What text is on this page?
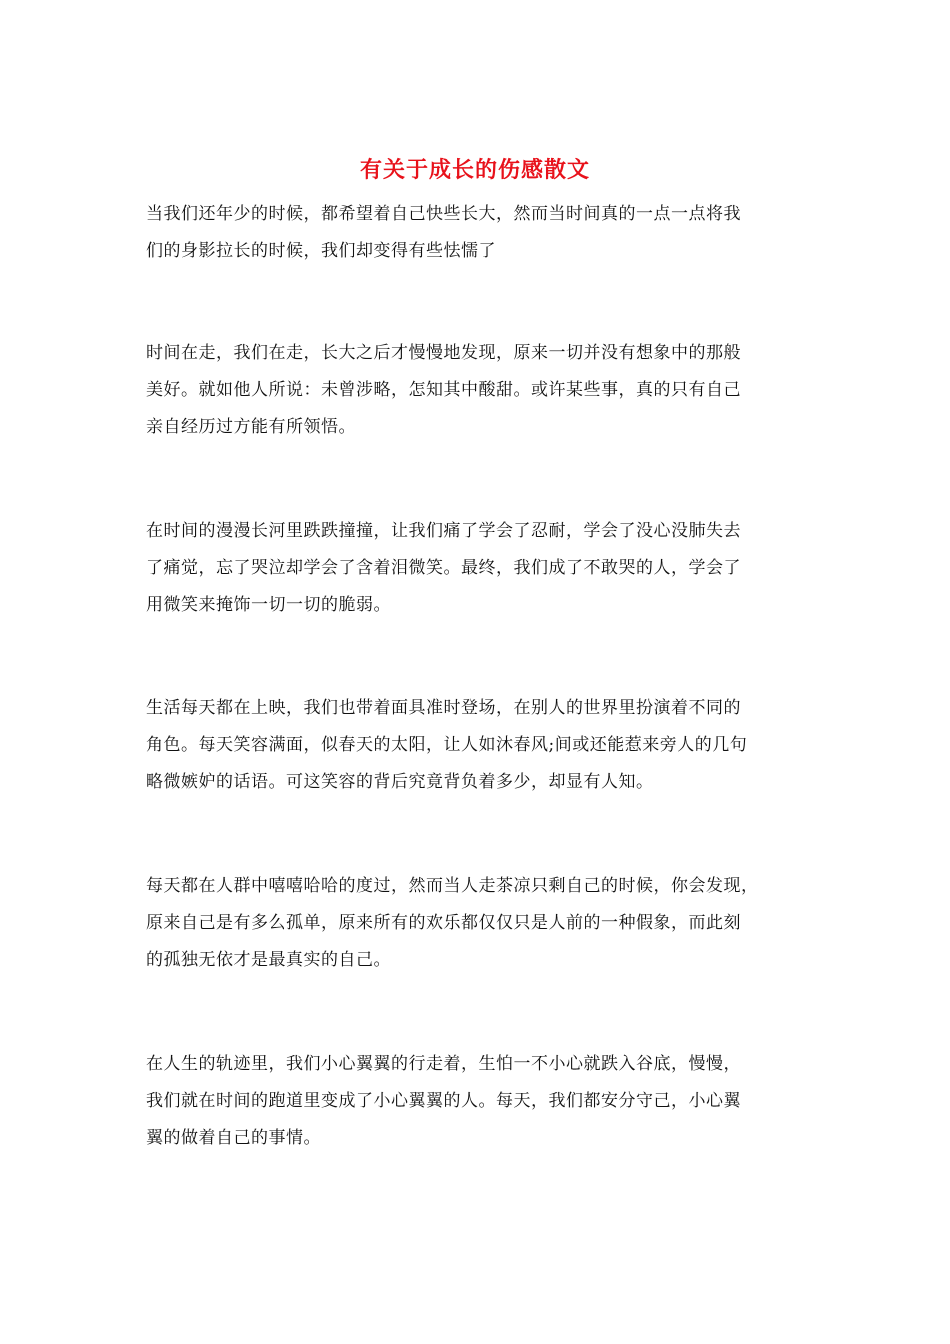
有关于成长的伤感散文
当我们还年少的时候，都希望着自己快些长大，然而当时间真的一点一点将我
们的身影拉长的时候，我们却变得有些怯懦了
时间在走，我们在走，长大之后才慢慢地发现，原来一切并没有想象中的那般
美好。就如他人所说：未曾涉略，怎知其中酸甜。或许某些事，真的只有自己
亲自经历过方能有所领悟。
在时间的漫漫长河里跌跌撞撞，让我们痛了学会了忍耐，学会了没心没肺失去
了痛觉，忘了哭泣却学会了含着泪微笑。最终，我们成了不敢哭的人，学会了
用微笑来掩饰一切一切的脆弱。
生活每天都在上映，我们也带着面具准时登场，在别人的世界里扮演着不同的
角色。每天笑容满面，似春天的太阳，让人如沐春风;间或还能惹来旁人的几句
略微嫉妒的话语。可这笑容的背后究竟背负着多少，却显有人知。
每天都在人群中嘻嘻哈哈的度过，然而当人走茶凉只剩自己的时候，你会发现，
原来自己是有多么孤单，原来所有的欢乐都仅仅只是人前的一种假象，而此刻
的孤独无依才是最真实的自己。
在人生的轨迹里，我们小心翼翼的行走着，生怕一不小心就跌入谷底，慢慢，
我们就在时间的跑道里变成了小心翼翼的人。每天，我们都安分守己，小心翼
翼的做着自己的事情。
